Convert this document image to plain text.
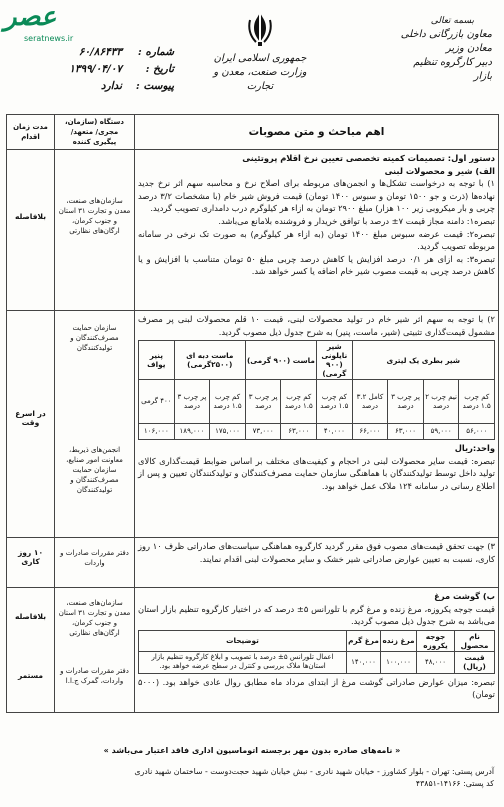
بسمه تعالی
معاون بازرگانی داخلی
معادن وزیر
دبیر کارگروه تنظیم بازار
جمهوری اسلامی ایران
وزارت صنعت، معدن و تجارت
عصر
seratnews.ir
شماره :
۶۰/۸۶۴۳۳
تاریخ :
۱۳۹۹/۰۴/۰۷
پیوست :
ندارد
اهم مباحث و متن مصوبات	دستگاه (سازمان، مجری/ متعهد/ پیگیری کننده	مدت زمان اقدام

دستور اول: تصمیمات کمیته تخصصی تعیین نرخ اقلام پروتئینی
الف) شیر و محصولات لبنی
۱) با توجه به درخواست تشکل‌ها و انجمن‌های مربوطه برای اصلاح نرخ و محاسبه سهم اثر نرخ جدید نهاده‌ها (ذرت و جو ۱۵۰۰ تومان و سبوس ۱۴۰۰ تومان) قیمت فروش شیر خام (با مشخصات ۳/۲ درصد چربی و بار میکروبی زیر ۱۰۰ هزار) مبلغ ۲۹۰۰ تومان به ازاء هر کیلوگرم درب دامداری تصویب گردید.
تبصره۱: دامنه مجاز قیمت ۷± درصد با توافق خریدار و فروشنده بلامانع می‌باشد.
تبصره۲: قیمت عرضه سبوس مبلغ ۱۴۰۰ تومان (به ازاء هر کیلوگرم) به صورت تک نرخی در سامانه مربوطه تصویب گردید.
تبصره۳: به ازای هر ۰/۱ درصد افزایش یا کاهش درصد چربی مبلغ ۵۰ تومان متناسب با افزایش و یا کاهش درصد چربی به قیمت مصوب شیر خام اضافه یا کسر خواهد شد.

سازمان‌های صنعت، معدن و تجارت ۳۱ استان و جنوب کرمان، ارگان‌های نظارتی	
بلافاصله

۲) با توجه به سهم اثر شیر خام در تولید محصولات لبنی، قیمت ۱۰ قلم محصولات لبنی پر مصرف مشمول قیمت‌گذاری تثبیتی (شیر، ماست، پنیر) به شرح جدول ذیل مصوب گردید.
شیر بطری یک لیتری	شیر نایلونی (۹۰۰ گرمی)	ماست (۹۰۰ گرمی)	ماست دبه ای (۲۵۰۰گرمی)	پنیر یواف
کم چرب ۱.۵ درصد	نیم چرب ۲ درصد	پر چرب ۳ درصد	کامل ۳.۲ درصد	کم چرب ۱.۵ درصد	کم چرب ۱.۵ درصد	پر چرب ۳ درصد	کم چرب ۱.۵ درصد	پر چرب ۳ درصد	۴۰۰ گرمی
۵۶,۰۰۰	۵۹,۰۰۰	۶۳,۰۰۰	۶۶,۰۰۰	۴۰,۰۰۰	۶۳,۰۰۰	۷۳,۰۰۰	۱۷۵,۰۰۰	۱۸۹,۰۰۰	۱۰۶,۰۰۰
واحد:ریال
تبصره: قیمت سایر محصولات لبنی در احجام و کیفیت‌های مختلف بر اساس ضوابط قیمت‌گذاری کالای تولید داخل توسط تولیدکنندگان با هماهنگی سازمان حمایت مصرف‌کنندگان و تولیدکنندگان تعیین و پس از اطلاع رسانی در سامانه ۱۲۴ ملاک عمل خواهد بود.

سازمان حمایت مصرف‌کنندگان و تولیدکنندگان
انجمن‌های ذیربط، معاونت امور صنایع، سازمان حمایت مصرف‌کنندگان و تولیدکنندگان

در اسرع وقت

۳) جهت تحقق قیمت‌های مصوب فوق مقرر گردید کارگروه هماهنگی سیاست‌های صادراتی ظرف ۱۰ روز کاری، نسبت به تعیین عوارض صادراتی شیر خشک و سایر محصولات لبنی اقدام نمایند.

دفتر مقررات صادرات و واردات	
۱۰ روز کاری

ب) گوشت مرغ
قیمت جوجه یکروزه، مرغ زنده و مرغ گرم با تلورانس ۵± درصد که در اختیار کارگروه تنظیم بازار استان می‌باشد به شرح جدول ذیل مصوب گردید.
نام محصول	جوجه یکروزه	مرغ زنده	مرغ گرم	توضیحات
قیمت (ریال)	۴۸,۰۰۰	۱۰۰,۰۰۰	۱۴۰,۰۰۰	اعمال تلورانس ۵± درصد با تصویب و ابلاغ کارگروه تنظیم بازار استان‌ها ملاک بررسی و کنترل در سطح عرضه خواهد بود.
تبصره: میزان عوارض صادراتی گوشت مرغ از ابتدای مرداد ماه مطابق روال عادی خواهد بود. (۵۰۰۰ تومان)

سازمان‌های صنعت، معدن و تجارت ۳۱ استان و جنوب کرمان، ارگان‌های نظارتی
دفتر مقررات صادرات و واردات، گمرک ج.ا.ا

بلافاصله
مستمر
« نامه‌های صادره بدون مهر برجسته اتوماسیون اداری فاقد اعتبار می‌باشد »
آدرس پستی: تهران - بلوار کشاورز - خیابان شهید نادری - نبش خیابان شهید حجت‌دوست - ساختمان شهید نادری
کد پستی: ۱۴۱۶۶-۴۳۸۵۱
